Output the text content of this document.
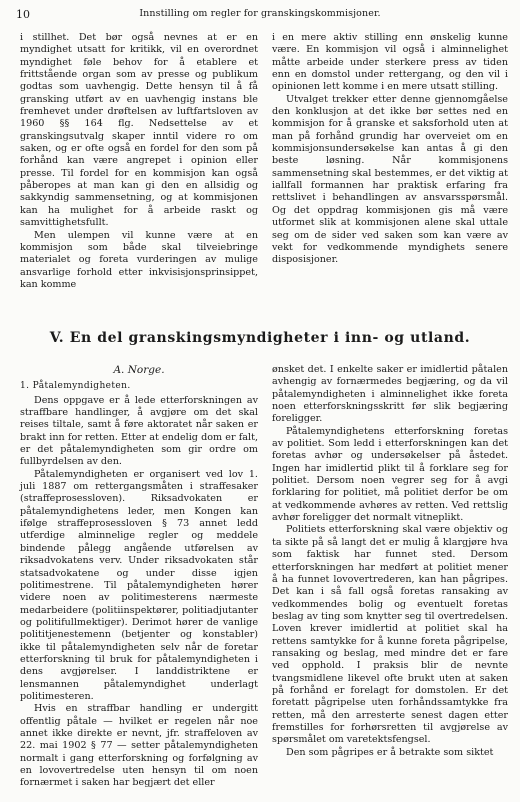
10	Innstilling om regler for granskingskommisjoner.

i stillhet. Det bør også nevnes at er en myndighet utsatt for kritikk, vil en overordnet myndighet føle behov for å etablere et frittstående organ som av presse og publikum godtas som uavhengig. Dette hensyn til å få gransking utført av en uavhengig instans ble fremhevet under drøftelsen av luftfartsloven av 1960 §§ 164 flg. Nedsettelse av et granskingsutvalg skaper inntil videre ro om saken, og er ofte også en fordel for den som på forhånd kan være angrepet i opinion eller presse. Til fordel for en kommisjon kan også påberopes at man kan gi den en allsidig og sakkyndig sammensetning, og at kommisjonen kan ha mulighet for å arbeide raskt og samvittighetsfullt.

Men ulempen vil kunne være at en kommisjon som både skal tilveiebringe materialet og foreta vurderingen av mulige ansvarlige forhold etter inkvisisjonsprinsippet, kan komme

i en mere aktiv stilling enn ønskelig kunne være. En kommisjon vil også i alminnelighet måtte arbeide under sterkere press av tiden enn en domstol under rettergang, og den vil i opinionen lett komme i en mere utsatt stilling.

Utvalget trekker etter denne gjennomgåelse den konklusjon at det ikke bør settes ned en kommisjon for å granske et saksforhold uten at man på forhånd grundig har overveiet om en kommisjonsundersøkelse kan antas å gi den beste løsning. Når kommisjonens sammensetning skal bestemmes, er det viktig at iallfall formannen har praktisk erfaring fra rettslivet i behandlingen av ansvarsspørsmål. Og det oppdrag kommisjonen gis må være utformet slik at kommisjonen alene skal uttale seg om de sider ved saken som kan være av vekt for vedkommende myndighets senere disposisjoner.

V. En del granskingsmyndigheter i inn- og utland.

A. Norge.

1. Påtalemyndigheten.

Dens oppgave er å lede etterforskningen av straffbare handlinger, å avgjøre om det skal reises tiltale, samt å føre aktoratet når saken er brakt inn for retten. Etter at endelig dom er falt, er det påtalemyndigheten som gir ordre om fullbyrdelsen av den.

Påtalemyndigheten er organisert ved lov 1. juli 1887 om rettergangsmåten i straffesaker (straffeprosessloven). Riksadvokaten er påtalemyndighetens leder, men Kongen kan ifølge straffeprosessloven § 73 annet ledd utferdige alminnelige regler og meddele bindende pålegg angående utførelsen av riksadvokatens verv. Under riksadvokaten står statsadvokatene og under disse igjen politimestrene. Til påtalemyndigheten hører videre noen av politimesterens nærmeste medarbeidere (politiinspektører, politiadjutanter og politifullmektiger). Derimot hører de vanlige polititjenestemenn (betjenter og konstabler) ikke til påtalemyndigheten selv når de foretar etterforskning til bruk for påtalemyndigheten i dens avgjørelser. I landdistriktene er lensmannen påtalemyndighet underlagt politimesteren.

Hvis en straffbar handling er undergitt offentlig påtale — hvilket er regelen når noe annet ikke direkte er nevnt, jfr. straffeloven av 22. mai 1902 § 77 — setter påtalemyndigheten normalt i gang etterforskning og forfølgning av en lovovertredelse uten hensyn til om noen fornærmet i saken har begjært det eller

ønsket det. I enkelte saker er imidlertid påtalen avhengig av fornærmedes begjæring, og da vil påtalemyndigheten i alminnelighet ikke foreta noen etterforskningsskritt før slik begjæring foreligger.

Påtalemyndighetens etterforskning foretas av politiet. Som ledd i etterforskningen kan det foretas avhør og undersøkelser på åstedet. Ingen har imidlertid plikt til å forklare seg for politiet. Dersom noen vegrer seg for å avgi forklaring for politiet, må politiet derfor be om at vedkommende avhøres av retten. Ved rettslig avhør foreligger det normalt vitneplikt.

Politiets etterforskning skal være objektiv og ta sikte på så langt det er mulig å klargjøre hva som faktisk har funnet sted. Dersom etterforskningen har medført at politiet mener å ha funnet lovovertrederen, kan han pågripes. Det kan i så fall også foretas ransaking av vedkommendes bolig og eventuelt foretas beslag av ting som knytter seg til overtredelsen. Loven krever imidlertid at politiet skal ha rettens samtykke for å kunne foreta pågripelse, ransaking og beslag, med mindre det er fare ved opphold. I praksis blir de nevnte tvangsmidlene likevel ofte brukt uten at saken på forhånd er forelagt for domstolen. Er det foretatt pågripelse uten forhåndssamtykke fra retten, må den arresterte senest dagen etter fremstilles for forhørsretten til avgjørelse av spørsmålet om varetektsfengsel.

Den som pågripes er å betrakte som siktet
